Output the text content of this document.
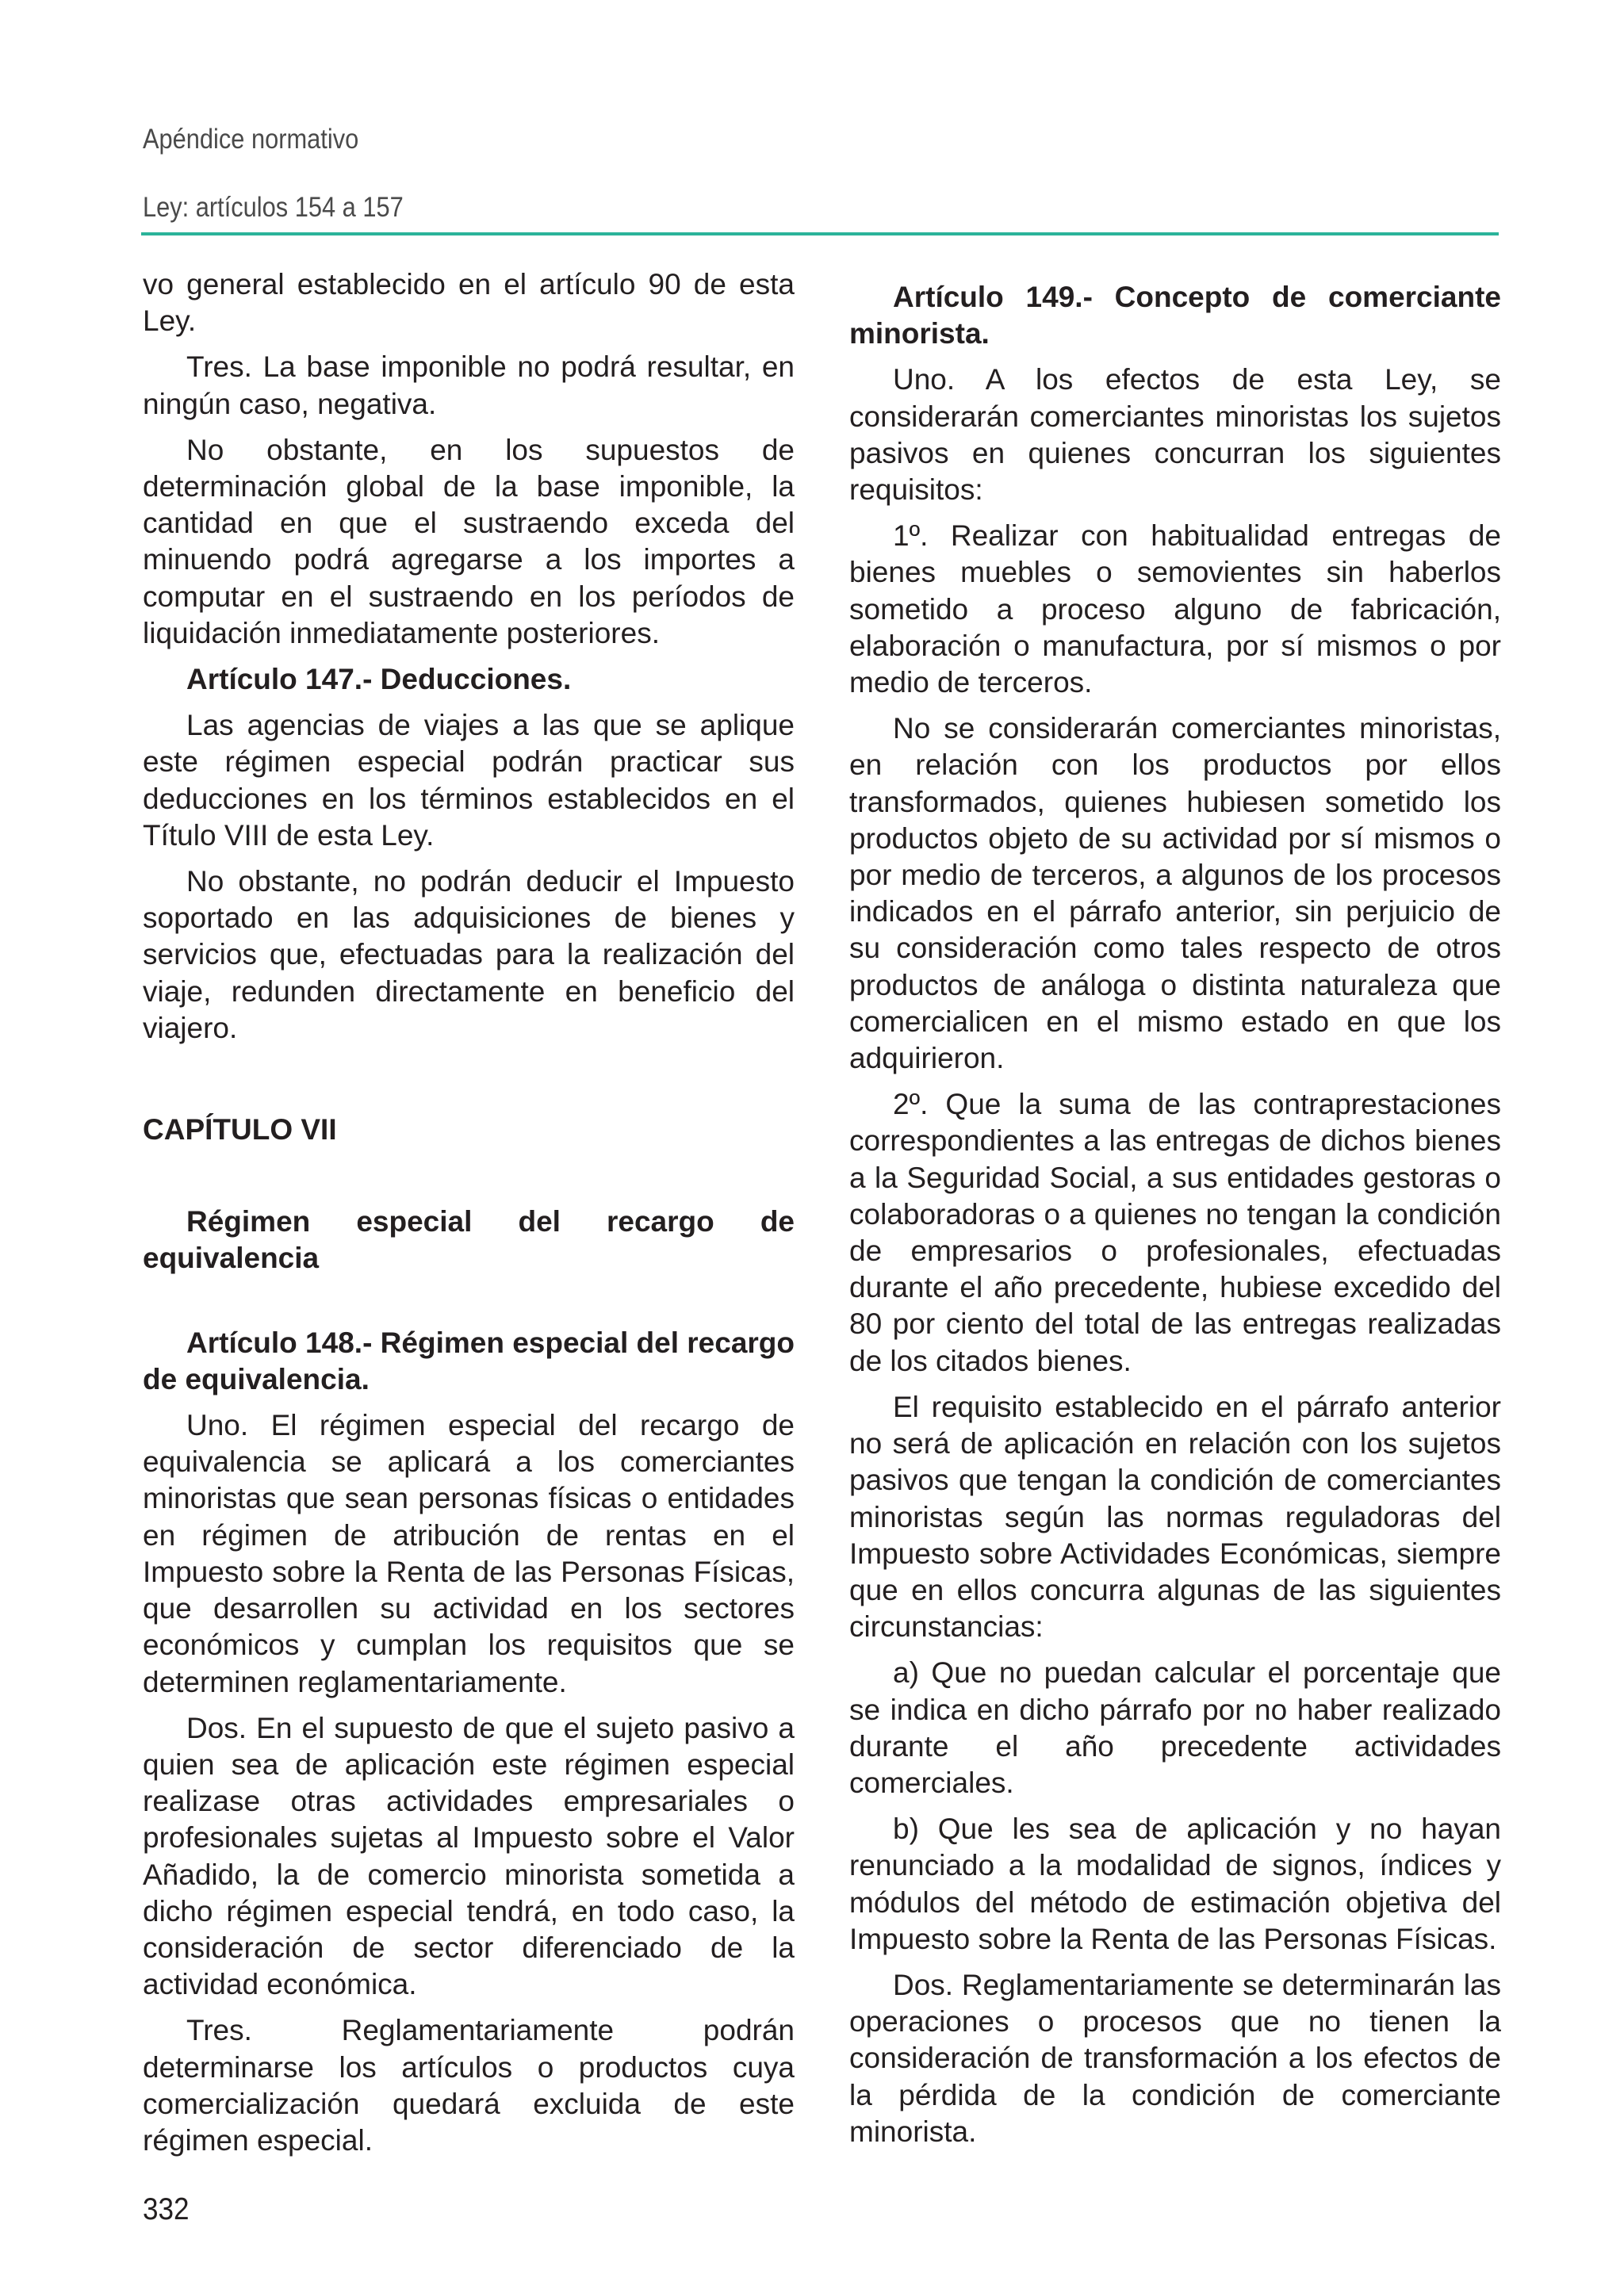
Apéndice normativo
Ley: artículos 154 a 157

vo general establecido en el artículo 90 de esta Ley.

Tres. La base imponible no podrá resultar, en ningún caso, negativa.

No obstante, en los supuestos de determinación global de la base imponible, la cantidad en que el sustraendo exceda del minuendo podrá agregarse a los importes a computar en el sustraendo en los períodos de liquidación inmediatamente posteriores.

Artículo 147.- Deducciones.

Las agencias de viajes a las que se aplique este régimen especial podrán practicar sus deducciones en los términos establecidos en el Título VIII de esta Ley.

No obstante, no podrán deducir el Impuesto soportado en las adquisiciones de bienes y servicios que, efectuadas para la realización del viaje, redunden directamente en beneficio del viajero.

CAPÍTULO VII

Régimen especial del recargo de equivalencia

Artículo 148.- Régimen especial del recargo de equivalencia.

Uno. El régimen especial del recargo de equivalencia se aplicará a los comerciantes minoristas que sean personas físicas o entidades en régimen de atribución de rentas en el Impuesto sobre la Renta de las Personas Físicas, que desarrollen su actividad en los sectores económicos y cumplan los requisitos que se determinen reglamentariamente.

Dos. En el supuesto de que el sujeto pasivo a quien sea de aplicación este régimen especial realizase otras actividades empresariales o profesionales sujetas al Impuesto sobre el Valor Añadido, la de comercio minorista sometida a dicho régimen especial tendrá, en todo caso, la consideración de sector diferenciado de la actividad económica.

Tres. Reglamentariamente podrán determinarse los artículos o productos cuya comercialización quedará excluida de este régimen especial.

Artículo 149.- Concepto de comerciante minorista.

Uno. A los efectos de esta Ley, se considerarán comerciantes minoristas los sujetos pasivos en quienes concurran los siguientes requisitos:

1º. Realizar con habitualidad entregas de bienes muebles o semovientes sin haberlos sometido a proceso alguno de fabricación, elaboración o manufactura, por sí mismos o por medio de terceros.

No se considerarán comerciantes minoristas, en relación con los productos por ellos transformados, quienes hubiesen sometido los productos objeto de su actividad por sí mismos o por medio de terceros, a algunos de los procesos indicados en el párrafo anterior, sin perjuicio de su consideración como tales respecto de otros productos de análoga o distinta naturaleza que comercialicen en el mismo estado en que los adquirieron.

2º. Que la suma de las contraprestaciones correspondientes a las entregas de dichos bienes a la Seguridad Social, a sus entidades gestoras o colaboradoras o a quienes no tengan la condición de empresarios o profesionales, efectuadas durante el año precedente, hubiese excedido del 80 por ciento del total de las entregas realizadas de los citados bienes.

El requisito establecido en el párrafo anterior no será de aplicación en relación con los sujetos pasivos que tengan la condición de comerciantes minoristas según las normas reguladoras del Impuesto sobre Actividades Económicas, siempre que en ellos concurra algunas de las siguientes circunstancias:

a) Que no puedan calcular el porcentaje que se indica en dicho párrafo por no haber realizado durante el año precedente actividades comerciales.

b) Que les sea de aplicación y no hayan renunciado a la modalidad de signos, índices y módulos del método de estimación objetiva del Impuesto sobre la Renta de las Personas Físicas.

Dos. Reglamentariamente se determinarán las operaciones o procesos que no tienen la consideración de transformación a los efectos de la pérdida de la condición de comerciante minorista.

332
